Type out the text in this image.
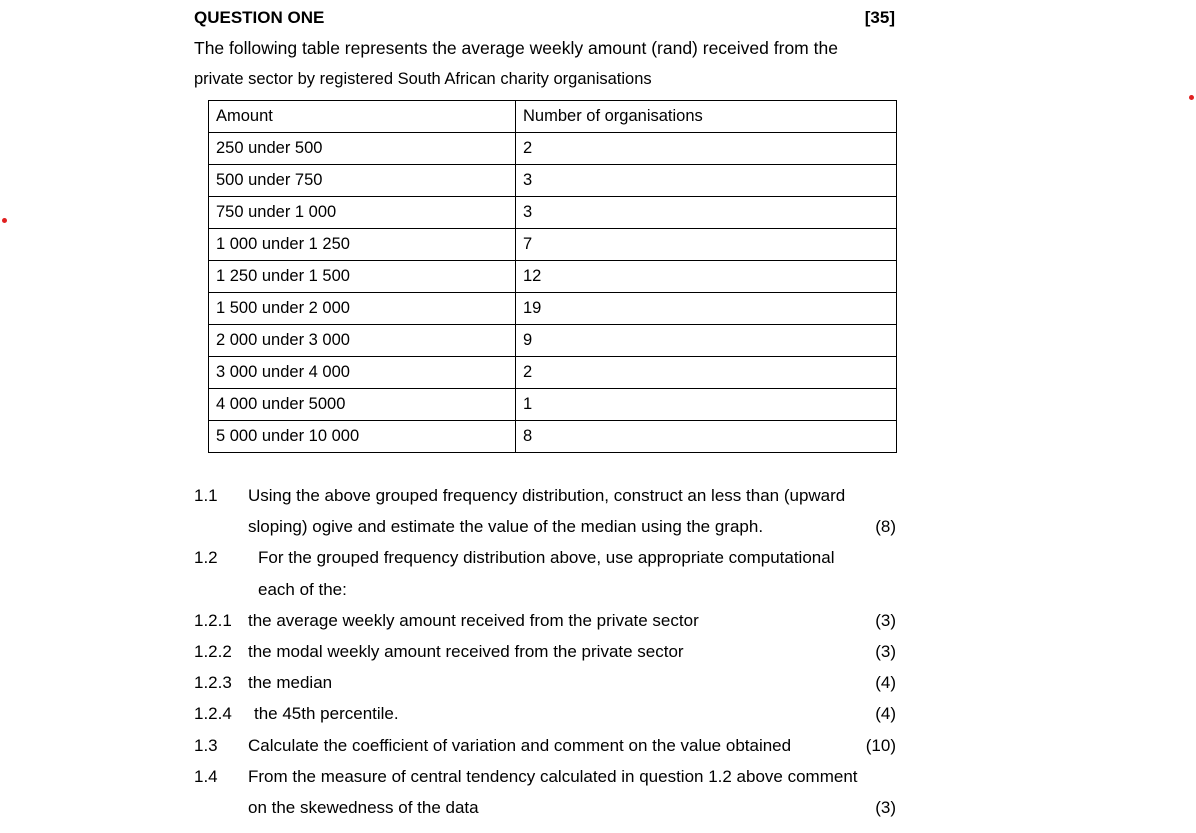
QUESTION ONE	[35]
The following table represents the average weekly amount (rand) received from the
private sector by registered South African charity organisations
Amount	Number of organisations
250 under 500	2
500 under 750	3
750 under 1 000	3
1 000 under 1 250	7
1 250 under 1 500	12
1 500 under 2 000	19
2 000 under 3 000	9
3 000 under 4 000	2
4 000 under 5000	1
5 000 under 10 000	8
1.1 Using the above grouped frequency distribution, construct an less than (upward
sloping) ogive and estimate the value of the median using the graph.	(8)
1.2 For the grouped frequency distribution above, use appropriate computational
each of the:
1.2.1 the average weekly amount received from the private sector	(3)
1.2.2 the modal weekly amount received from the private sector	(3)
1.2.3 the median	(4)
1.2.4 the 45th percentile.	(4)
1.3 Calculate the coefficient of variation and comment on the value obtained	(10)
1.4 From the measure of central tendency calculated in question 1.2 above comment
on the skewedness of the data	(3)
